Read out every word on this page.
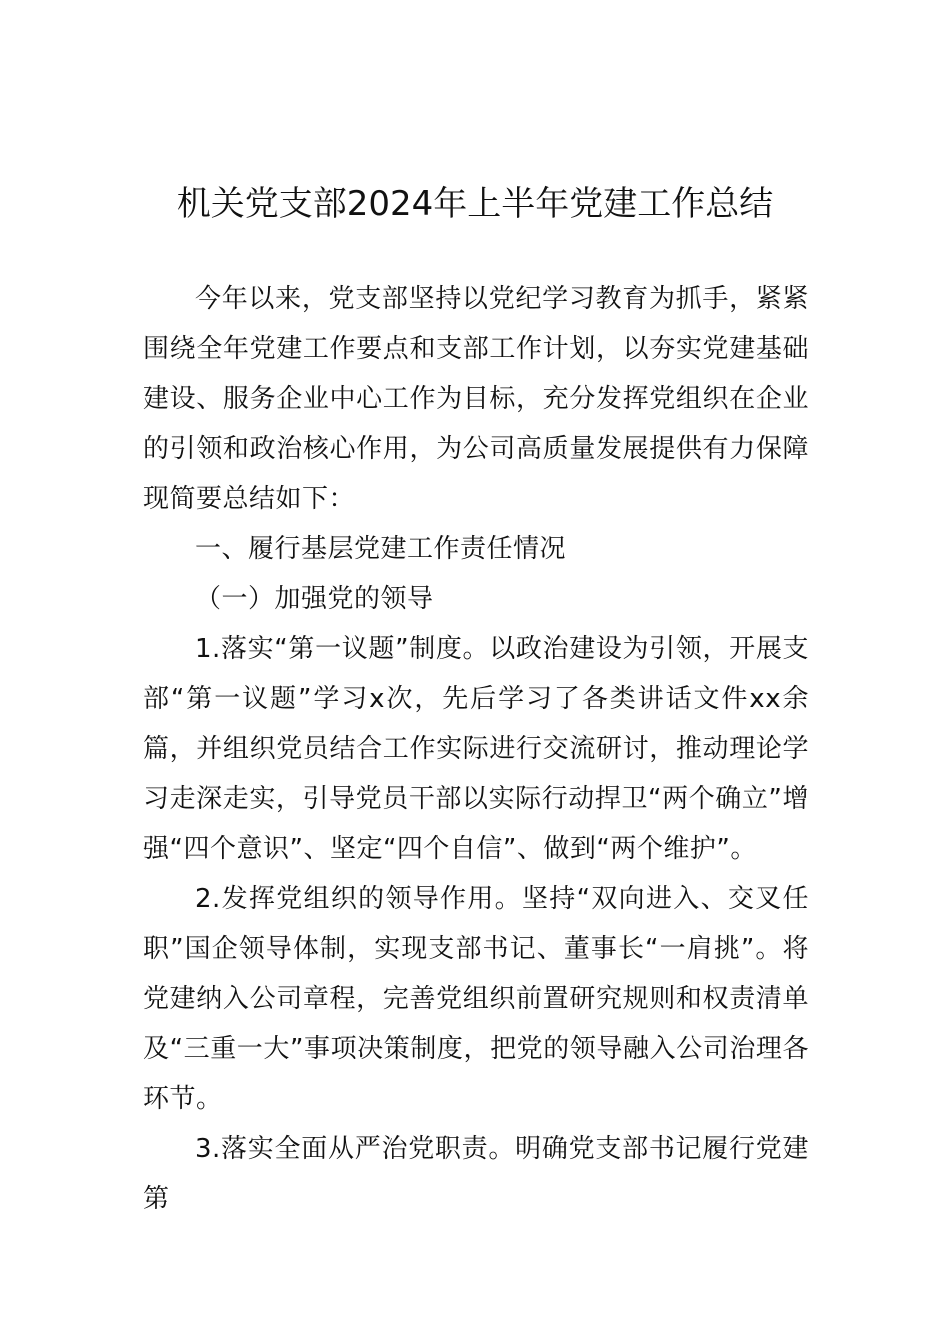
机关党支部2024年上半年党建工作总结

今年以来，党支部坚持以党纪学习教育为抓手，紧紧围绕全年党建工作要点和支部工作计划，以夯实党建基础建设、服务企业中心工作为目标，充分发挥党组织在企业的引领和政治核心作用，为公司高质量发展提供有力保障现简要总结如下：

一、履行基层党建工作责任情况

（一）加强党的领导

1.落实“第一议题”制度。以政治建设为引领，开展支部“第一议题”学习x次，先后学习了各类讲话文件xx余篇，并组织党员结合工作实际进行交流研讨，推动理论学习走深走实，引导党员干部以实际行动捍卫“两个确立”增强“四个意识”、坚定“四个自信”、做到“两个维护”。

2.发挥党组织的领导作用。坚持“双向进入、交叉任职”国企领导体制，实现支部书记、董事长“一肩挑”。将党建纳入公司章程，完善党组织前置研究规则和权责清单及“三重一大”事项决策制度，把党的领导融入公司治理各环节。

3.落实全面从严治党职责。明确党支部书记履行党建第
